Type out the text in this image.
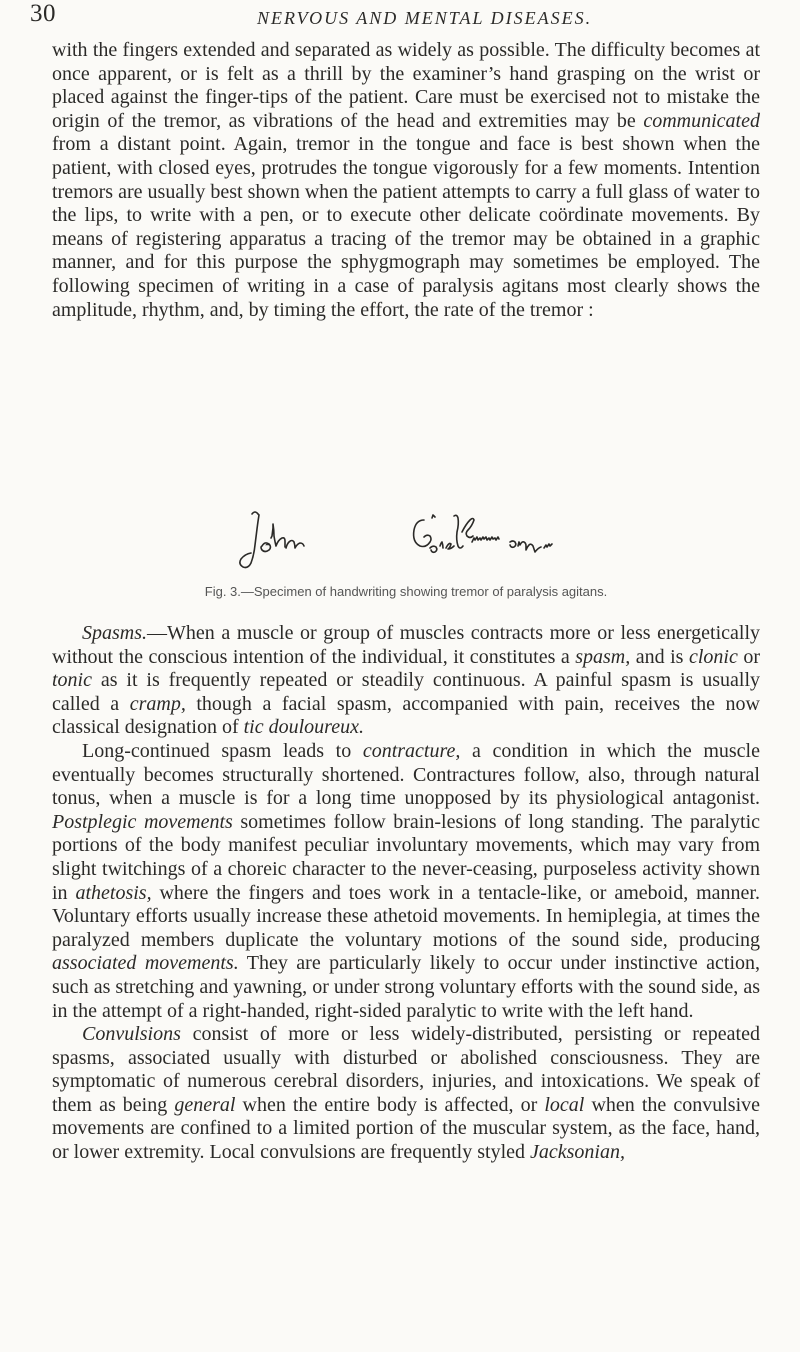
30	NERVOUS AND MENTAL DISEASES.

with the fingers extended and separated as widely as possible. The difficulty becomes at once apparent, or is felt as a thrill by the examiner’s hand grasping on the wrist or placed against the finger-tips of the patient. Care must be exercised not to mistake the origin of the tremor, as vibrations of the head and extremities may be communicated from a distant point. Again, tremor in the tongue and face is best shown when the patient, with closed eyes, protrudes the tongue vigorously for a few moments. Intention tremors are usually best shown when the patient attempts to carry a full glass of water to the lips, to write with a pen, or to execute other delicate coördinate movements. By means of registering apparatus a tracing of the tremor may be obtained in a graphic manner, and for this purpose the sphygmograph may sometimes be employed. The following specimen of writing in a case of paralysis agitans most clearly shows the amplitude, rhythm, and, by timing the effort, the rate of the tremor :

Fig. 3.—Specimen of handwriting showing tremor of paralysis agitans.

Spasms.—When a muscle or group of muscles contracts more or less energetically without the conscious intention of the individual, it constitutes a spasm, and is clonic or tonic as it is frequently repeated or steadily continuous. A painful spasm is usually called a cramp, though a facial spasm, accompanied with pain, receives the now classical designation of tic douloureux.

Long-continued spasm leads to contracture, a condition in which the muscle eventually becomes structurally shortened. Contractures follow, also, through natural tonus, when a muscle is for a long time unopposed by its physiological antagonist. Postplegic movements sometimes follow brain-lesions of long standing. The paralytic portions of the body manifest peculiar involuntary movements, which may vary from slight twitchings of a choreic character to the never-ceasing, purposeless activity shown in athetosis, where the fingers and toes work in a tentacle-like, or ameboid, manner. Voluntary efforts usually increase these athetoid movements. In hemiplegia, at times the paralyzed members duplicate the voluntary motions of the sound side, producing associated movements. They are particularly likely to occur under instinctive action, such as stretching and yawning, or under strong voluntary efforts with the sound side, as in the attempt of a right-handed, right-sided paralytic to write with the left hand.

Convulsions consist of more or less widely-distributed, persisting or repeated spasms, associated usually with disturbed or abolished consciousness. They are symptomatic of numerous cerebral disorders, injuries, and intoxications. We speak of them as being general when the entire body is affected, or local when the convulsive movements are confined to a limited portion of the muscular system, as the face, hand, or lower extremity. Local convulsions are frequently styled Jacksonian,
